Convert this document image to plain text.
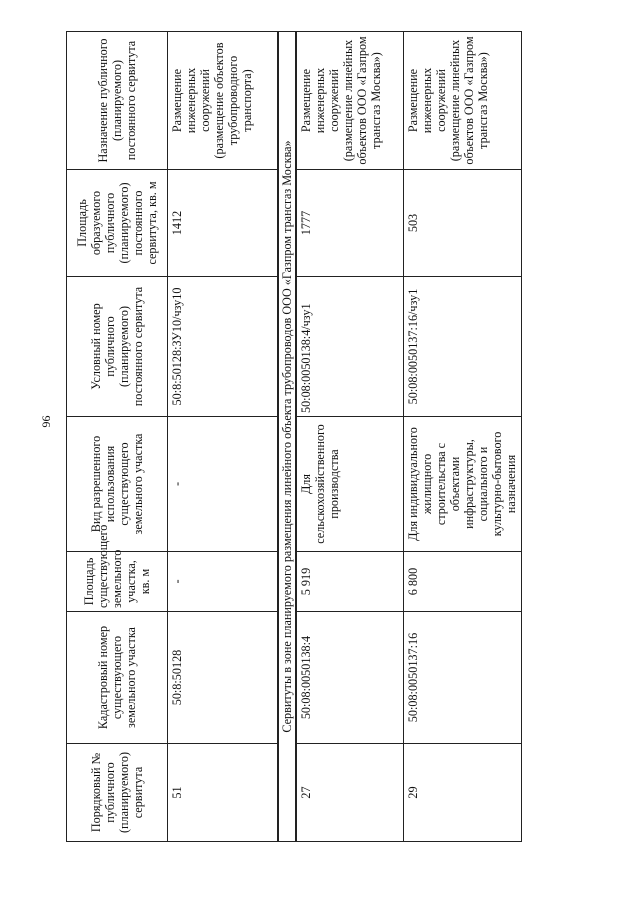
96
Порядковый № публичного (планируемого) сервитута	Кадастровый номер существующего земельного участка	Площадь существующего земельного участка, кв. м	Вид разрешенного использования существующего земельного участка	Условный номер публичного (планируемого) постоянного сервитута	Площадь образуемого публичного (планируемого) постоянного сервитута, кв. м	Назначение публичного (планируемого) постоянного сервитута
51	50:8:50128	-	-	50:8:50128:ЗУ10/чзу10	1412	Размещение инженерных сооружений (размещение объектов трубопроводного транспорта)
Сервитуты в зоне планируемого размещения линейного объекта трубопроводов ООО «Газпром трансгаз Москва»						
27	50:08:0050138:4	5 919	Для сельскохозяйственного производства	50:08:0050138:4/чзу1	1777	Размещение инженерных сооружений (размещение линейных объектов ООО «Газпром трансгаз Москва»)
29	50:08:0050137:16	6 800	Для индивидуального жилищного строительства с объектами инфраструктуры, социального и культурно-бытового назначения	50:08:0050137:16/чзу1	503	Размещение инженерных сооружений (размещение линейных объектов ООО «Газпром трансгаз Москва»)
